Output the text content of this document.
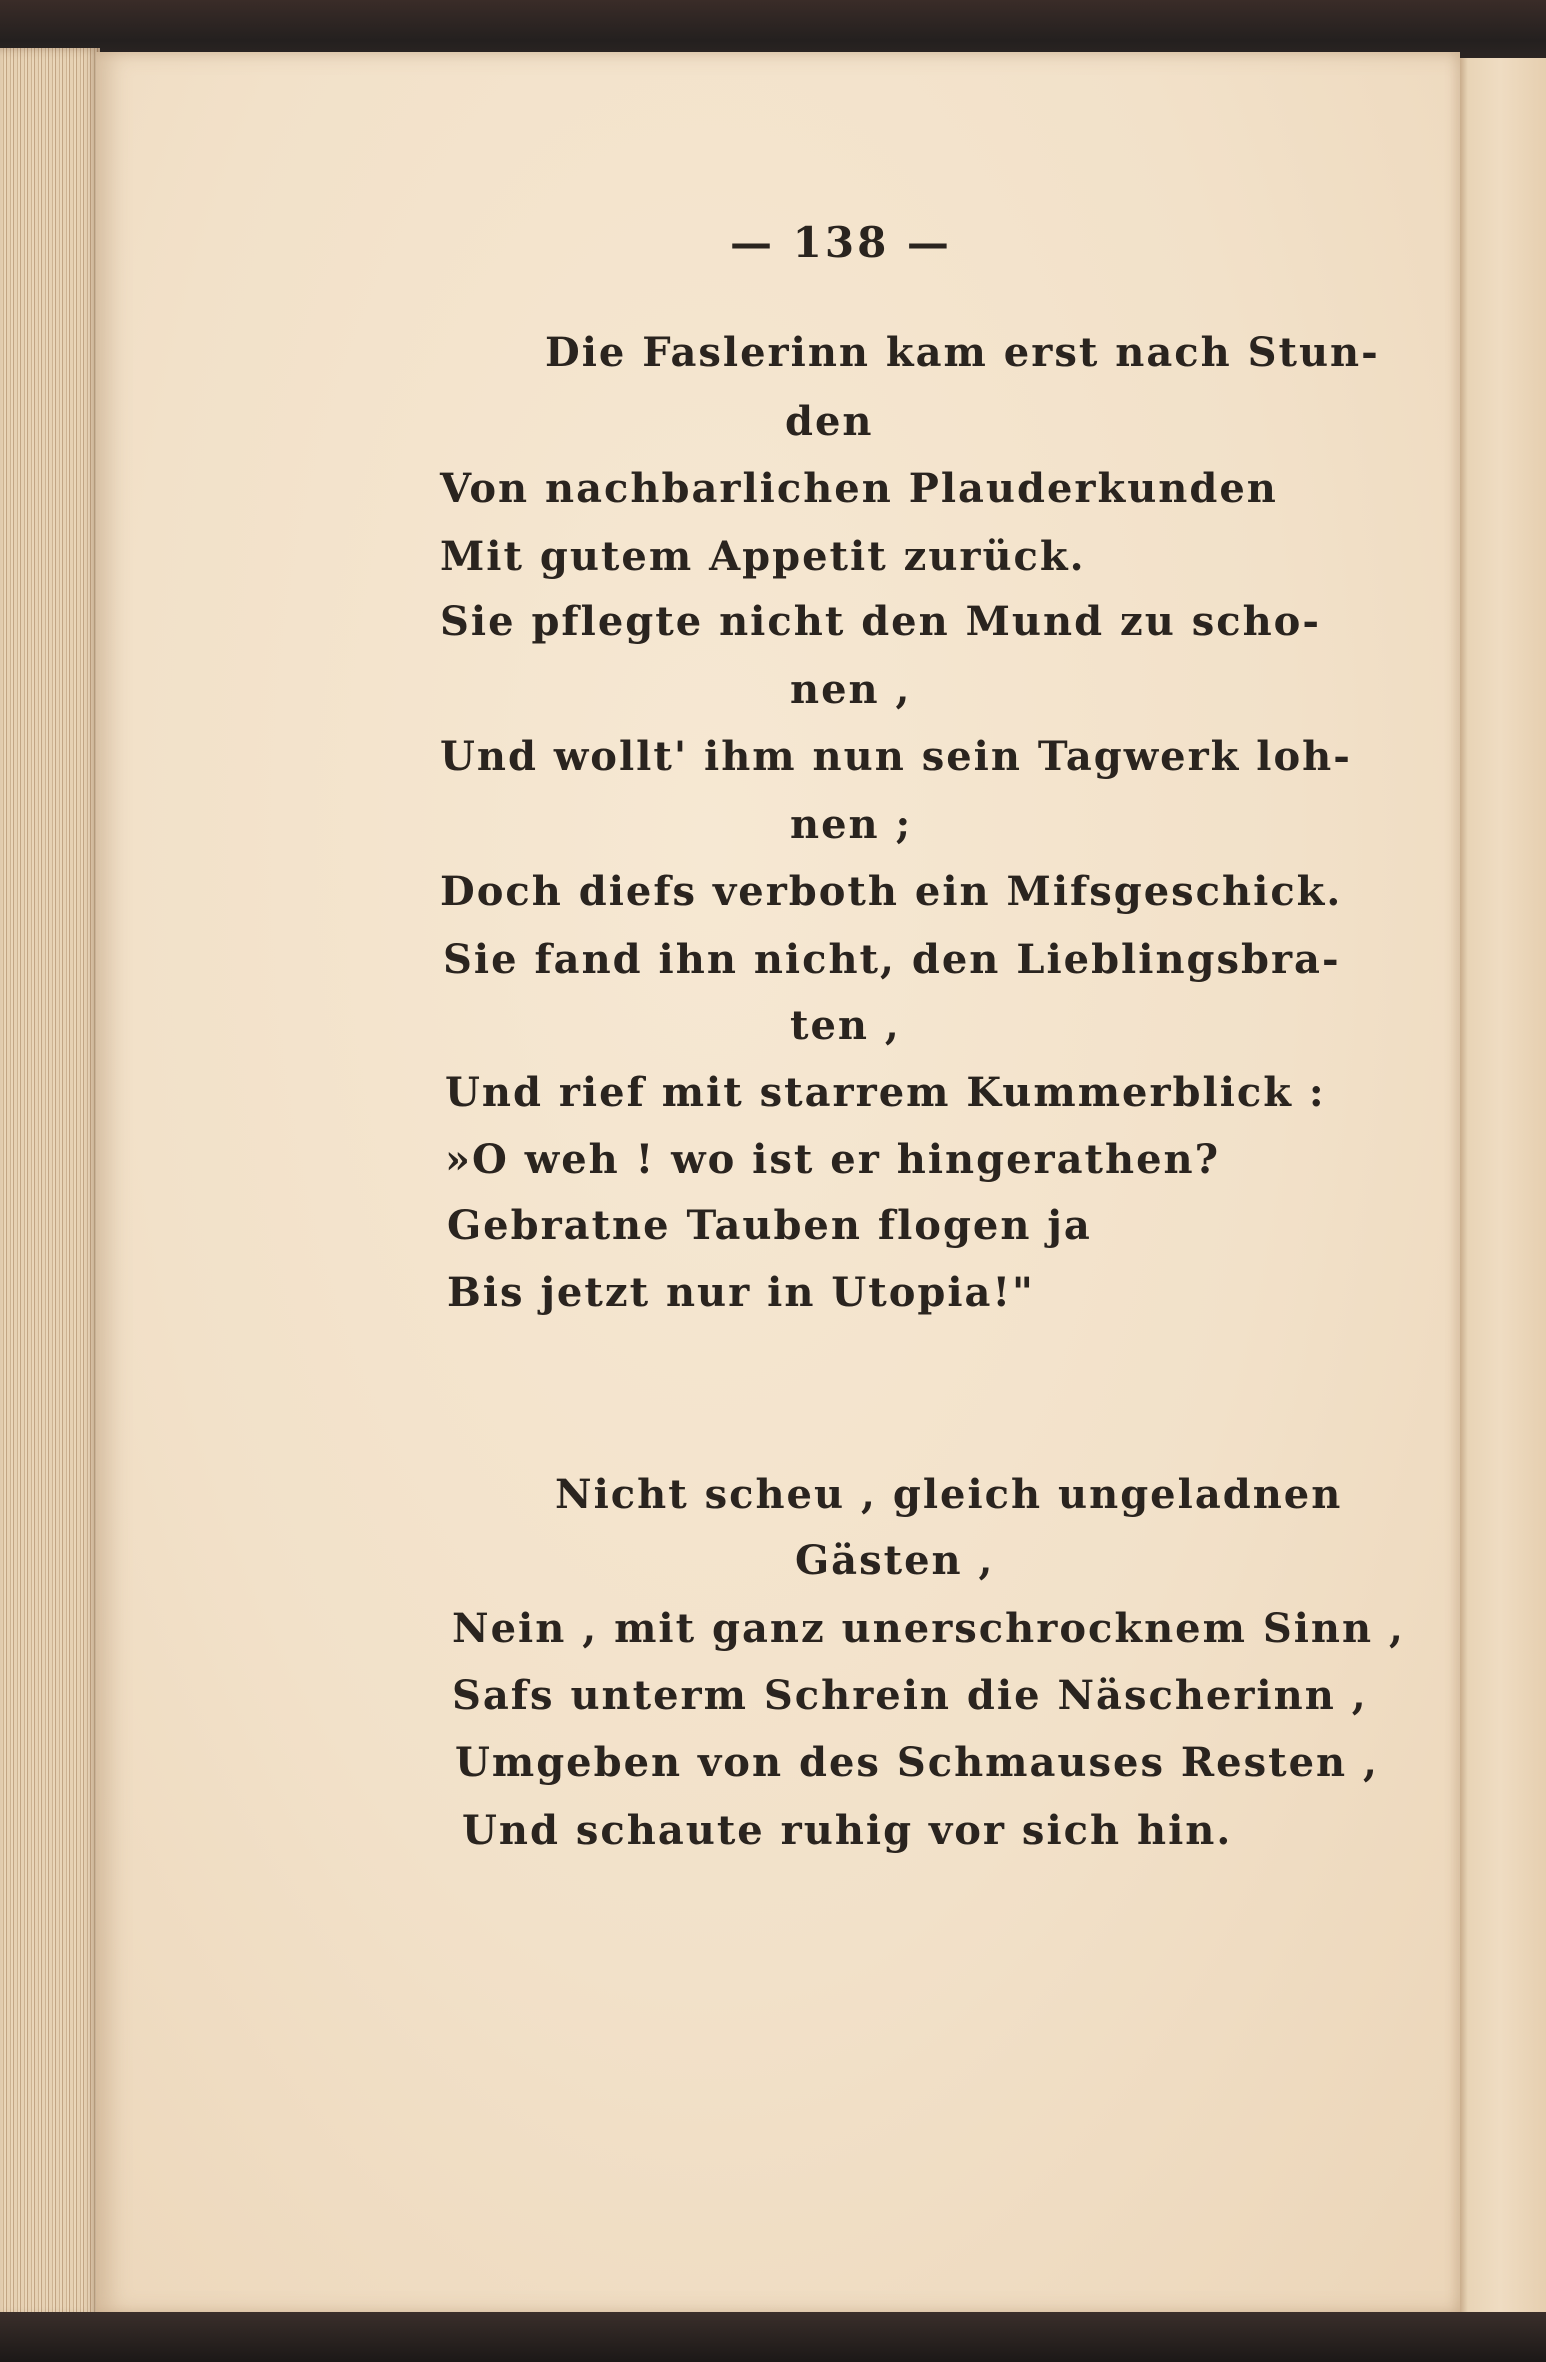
— 138 —
Die Faslerinn kam erst nach Stun-
den
Von nachbarlichen Plauderkunden
Mit gutem Appetit zurück.
Sie pflegte nicht den Mund zu scho-
nen ,
Und wollt' ihm nun sein Tagwerk loh-
nen ;
Doch diefs verboth ein Mifsgeschick.
Sie fand ihn nicht, den Lieblingsbra-
ten ,
Und rief mit starrem Kummerblick :
»O weh ! wo ist er hingerathen?
Gebratne Tauben flogen ja
Bis jetzt nur in Utopia!"
Nicht scheu , gleich ungeladnen
Gästen ,
Nein , mit ganz unerschrocknem Sinn ,
Safs unterm Schrein die Näscherinn ,
Umgeben von des Schmauses Resten ,
Und schaute ruhig vor sich hin.
